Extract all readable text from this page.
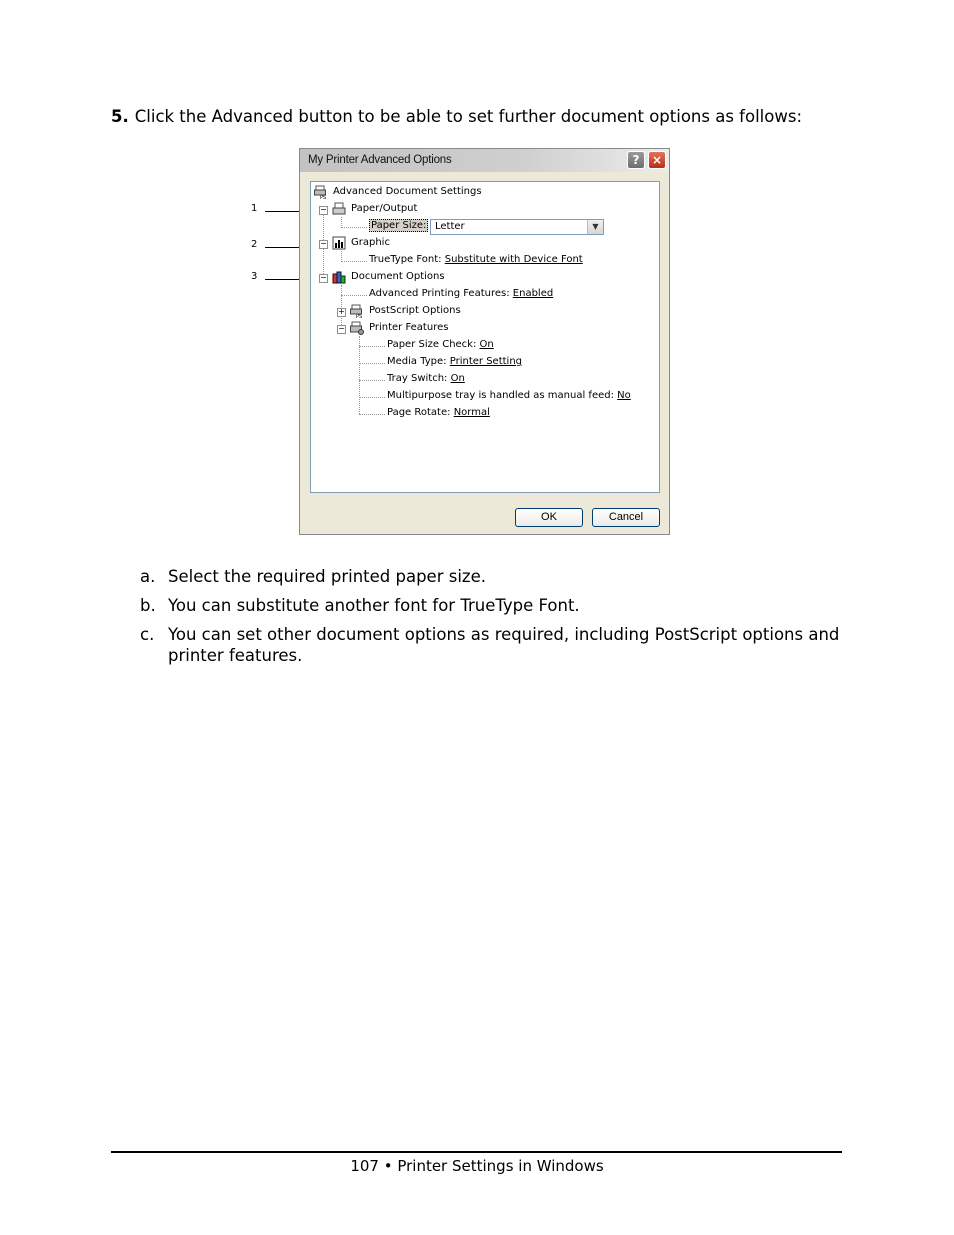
5. Click the Advanced button to be able to set further document options as follows:
1
2
3
My Printer Advanced Options	?	×
PS
Advanced Document Settings
− Paper/Output
Paper Size:
− Graphic
TrueType Font: Substitute with Device Font
− Document Options
Advanced Printing Features: Enabled
+
PS
PostScript Options
− Printer Features
Paper Size Check: On
Media Type: Printer Setting
Tray Switch: On
Multipurpose tray is handled as manual feed: No
Page Rotate: Normal
Letter	▼
OK	Cancel
a. Select the required printed paper size.
b. You can substitute another font for TrueType Font.
c. You can set other document options as required, including PostScript options and printer features.
107 • Printer Settings in Windows
